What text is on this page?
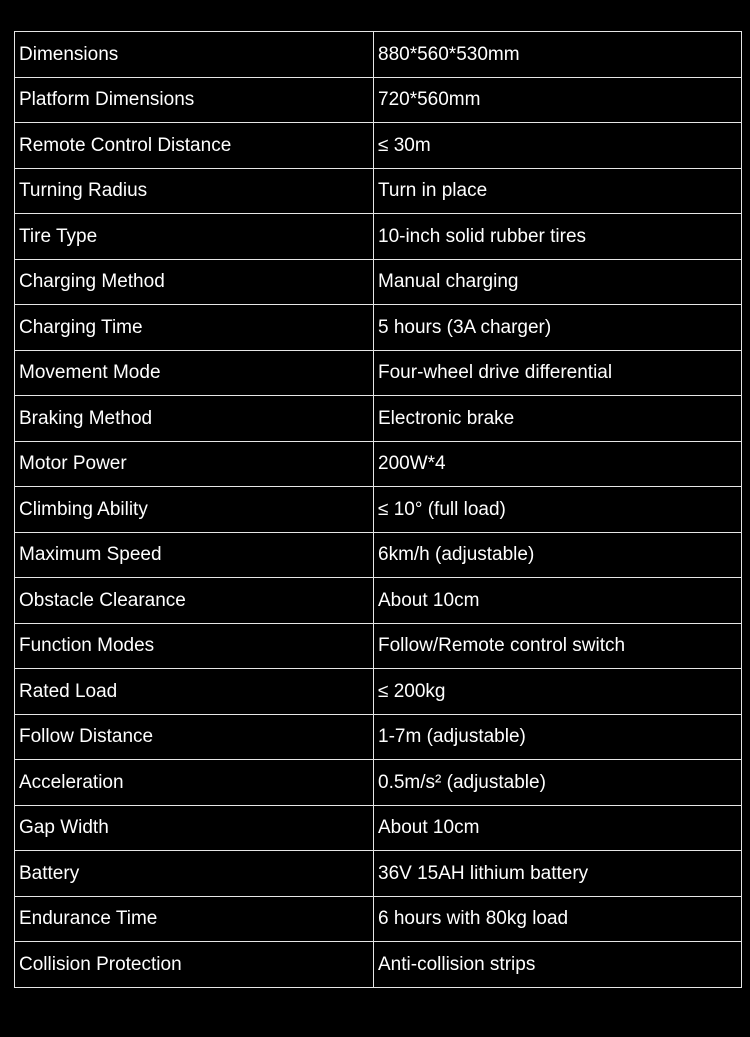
Dimensions	880*560*530mm
Platform Dimensions	720*560mm
Remote Control Distance	≤ 30m
Turning Radius	Turn in place
Tire Type	10-inch solid rubber tires
Charging Method	Manual charging
Charging Time	5 hours (3A charger)
Movement Mode	Four-wheel drive differential
Braking Method	Electronic brake
Motor Power	200W*4
Climbing Ability	≤ 10° (full load)
Maximum Speed	6km/h (adjustable)
Obstacle Clearance	About 10cm
Function Modes	Follow/Remote control switch
Rated Load	≤ 200kg
Follow Distance	1-7m (adjustable)
Acceleration	0.5m/s² (adjustable)
Gap Width	About 10cm
Battery	36V 15AH lithium battery
Endurance Time	6 hours with 80kg load
Collision Protection	Anti-collision strips
